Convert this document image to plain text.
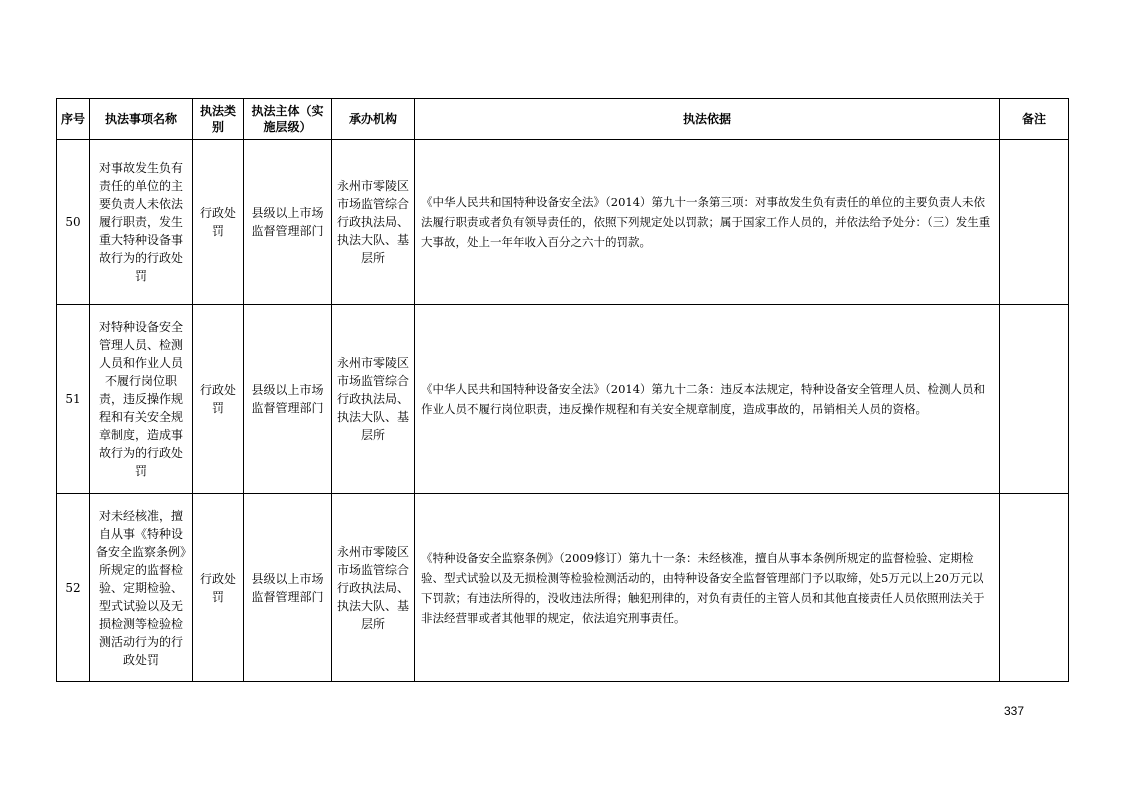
序号	执法事项名称	执法类别	执法主体（实施层级）	承办机构	执法依据	备注
50	对事故发生负有责任的单位的主要负责人未依法履行职责，发生重大特种设备事故行为的行政处罚	行政处罚	县级以上市场监督管理部门	永州市零陵区市场监管综合行政执法局、执法大队、基层所	《中华人民共和国特种设备安全法》（2014）第九十一条第三项：对事故发生负有责任的单位的主要负责人未依法履行职责或者负有领导责任的，依照下列规定处以罚款；属于国家工作人员的，并依法给予处分：（三）发生重大事故，处上一年年收入百分之六十的罚款。	
51	对特种设备安全管理人员、检测人员和作业人员不履行岗位职责，违反操作规程和有关安全规章制度，造成事故行为的行政处罚	行政处罚	县级以上市场监督管理部门	永州市零陵区市场监管综合行政执法局、执法大队、基层所	《中华人民共和国特种设备安全法》（2014）第九十二条：违反本法规定，特种设备安全管理人员、检测人员和作业人员不履行岗位职责，违反操作规程和有关安全规章制度，造成事故的，吊销相关人员的资格。	
52	对未经核准，擅自从事《特种设备安全监察条例》所规定的监督检验、定期检验、型式试验以及无损检测等检验检测活动行为的行政处罚	行政处罚	县级以上市场监督管理部门	永州市零陵区市场监管综合行政执法局、执法大队、基层所	《特种设备安全监察条例》（2009修订）第九十一条：未经核准，擅自从事本条例所规定的监督检验、定期检验、型式试验以及无损检测等检验检测活动的，由特种设备安全监督管理部门予以取缔，处5万元以上20万元以下罚款；有违法所得的，没收违法所得；触犯刑律的，对负有责任的主管人员和其他直接责任人员依照刑法关于非法经营罪或者其他罪的规定，依法追究刑事责任。	
337
